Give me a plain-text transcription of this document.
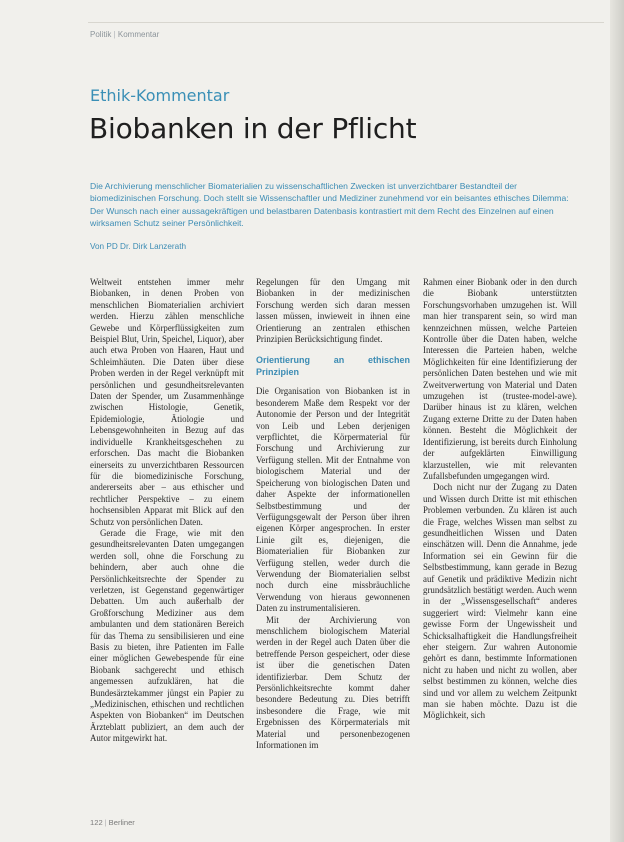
Politik | Kommentar
Ethik-Kommentar
Biobanken in der Pflicht
Die Archivierung menschlicher Biomaterialien zu wissenschaftlichen Zwecken ist unverzichtbarer Bestandteil der biomedizinischen Forschung. Doch stellt sie Wissenschaftler und Mediziner zunehmend vor ein beisantes ethisches Dilemma: Der Wunsch nach einer aussagekräftigen und belastbaren Datenbasis kontrastiert mit dem Recht des Einzelnen auf einen wirksamen Schutz seiner Persönlichkeit.
Von PD Dr. Dirk Lanzerath

Weltweit entstehen immer mehr Biobanken, in denen Proben von menschlichen Biomaterialien archiviert werden. Hierzu zählen menschliche Gewebe und Körperflüssigkeiten zum Beispiel Blut, Urin, Speichel, Liquor), aber auch etwa Proben von Haaren, Haut und Schleimhäuten. Die Daten über diese Proben werden in der Regel verknüpft mit persönlichen und gesundheitsrelevanten Daten der Spender, um Zusammenhänge zwischen Histologie, Genetik, Epidemiologie, Ätiologie und Lebensgewohnheiten in Bezug auf das individuelle Krankheitsgeschehen zu erforschen. Das macht die Biobanken einerseits zu unverzichtbaren Ressourcen für die biomedizinische Forschung, andererseits aber – aus ethischer und rechtlicher Perspektive – zu einem hochsensiblen Apparat mit Blick auf den Schutz von persönlichen Daten.

Gerade die Frage, wie mit den gesundheitsrelevanten Daten umgegangen werden soll, ohne die Forschung zu behindern, aber auch ohne die Persönlichkeitsrechte der Spender zu verletzen, ist Gegenstand gegenwärtiger Debatten. Um auch außerhalb der Großforschung Mediziner aus dem ambulanten und dem stationären Bereich für das Thema zu sensibilisieren und eine Basis zu bieten, ihre Patienten im Falle einer möglichen Gewebespende für eine Biobank sachgerecht und ethisch angemessen aufzuklären, hat die Bundesärztekammer jüngst ein Papier zu „Medizinischen, ethischen und rechtlichen Aspekten von Biobanken“ im Deutschen Ärzteblatt publiziert, an dem auch der Autor mitgewirkt hat.

Regelungen für den Umgang mit Biobanken in der medizinischen Forschung werden sich daran messen lassen müssen, inwieweit in ihnen eine Orientierung an zentralen ethischen Prinzipien Berücksichtigung findet.

Orientierung an ethischen Prinzipien

Die Organisation von Biobanken ist in besonderem Maße dem Respekt vor der Autonomie der Person und der Integrität von Leib und Leben derjenigen verpflichtet, die Körpermaterial für Forschung und Archivierung zur Verfügung stellen. Mit der Entnahme von biologischem Material und der Speicherung von biologischen Daten und daher Aspekte der informationellen Selbstbestimmung und der Verfügungsgewalt der Person über ihren eigenen Körper angesprochen. In erster Linie gilt es, diejenigen, die Biomaterialien für Biobanken zur Verfügung stellen, weder durch die Verwendung der Biomaterialien selbst noch durch eine missbräuchliche Verwendung von hieraus gewonnenen Daten zu instrumentalisieren.

Mit der Archivierung von menschlichem biologischem Material werden in der Regel auch Daten über die betreffende Person gespeichert, oder diese ist über die genetischen Daten identifizierbar. Dem Schutz der Persönlichkeitsrechte kommt daher besondere Bedeutung zu. Dies betrifft insbesondere die Frage, wie mit Ergebnissen des Körpermaterials mit Material und personenbezogenen Informationen im

Rahmen einer Biobank oder in den durch die Biobank unterstützten Forschungsvorhaben umzugehen ist. Will man hier transparent sein, so wird man kennzeichnen müssen, welche Parteien Kontrolle über die Daten haben, welche Interessen die Parteien haben, welche Möglichkeiten für eine Identifizierung der persönlichen Daten bestehen und wie mit Zweitverwertung von Material und Daten umzugehen ist (trustee-model-awe). Darüber hinaus ist zu klären, welchen Zugang externe Dritte zu der Daten haben können. Besteht die Möglichkeit der Identifizierung, ist bereits durch Einholung der aufgeklärten Einwilligung klarzustellen, wie mit relevanten Zufallsbefunden umgegangen wird.

Doch nicht nur der Zugang zu Daten und Wissen durch Dritte ist mit ethischen Problemen verbunden. Zu klären ist auch die Frage, welches Wissen man selbst zu gesundheitlichen Wissen und Daten einschätzen will. Denn die Annahme, jede Information sei ein Gewinn für die Selbstbestimmung, kann gerade in Bezug auf Genetik und prädiktive Medizin nicht grundsätzlich bestätigt werden. Auch wenn in der „Wissensgesellschaft“ anderes suggeriert wird: Vielmehr kann eine gewisse Form der Ungewissheit und Schicksalhaftigkeit die Handlungsfreiheit eher steigern. Zur wahren Autonomie gehört es dann, bestimmte Informationen nicht zu haben und nicht zu wollen, aber selbst bestimmen zu können, welche dies sind und vor allem zu welchem Zeitpunkt man sie haben möchte. Dazu ist die Möglichkeit, sich

122 | Berliner
